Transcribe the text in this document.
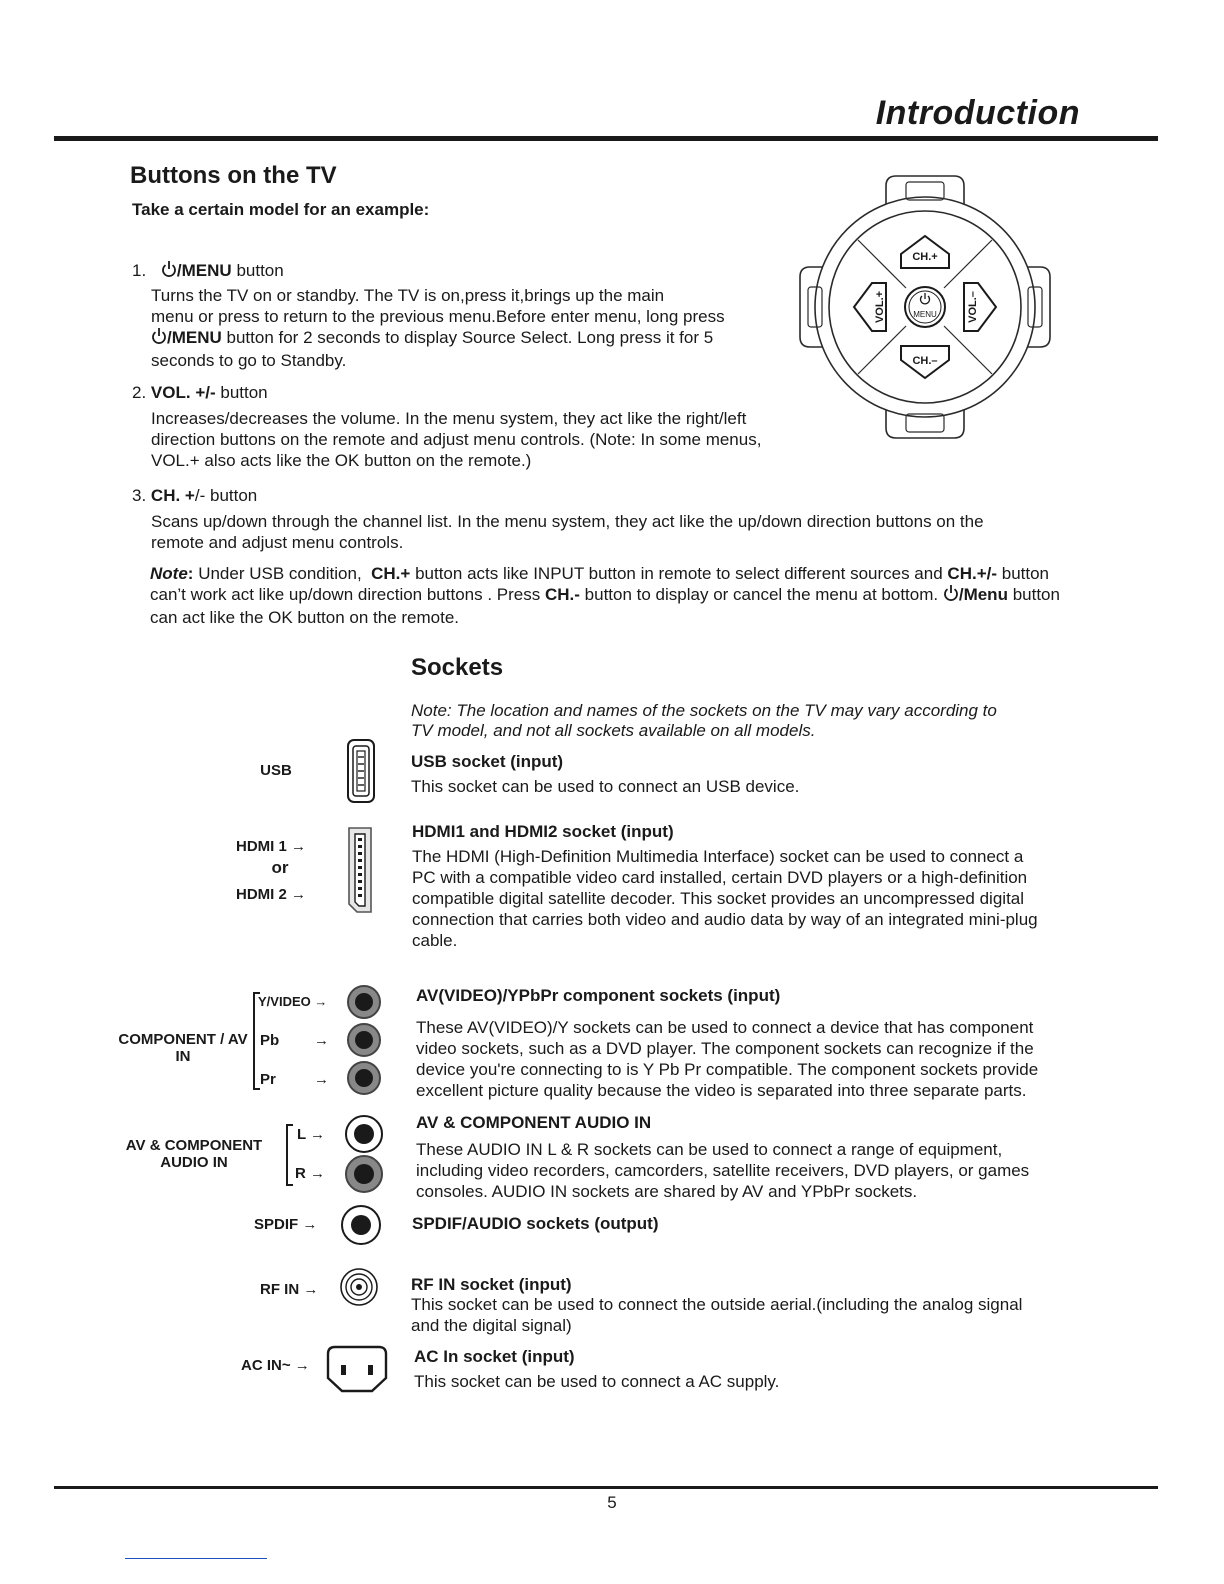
Introduction
Buttons on the TV
Take a certain model for an example:
1. /MENU button
Turns the TV on or standby. The TV is on,press it,brings up the main
menu or press to return to the previous menu.Before enter menu, long press
/MENU button for 2 seconds to display Source Select. Long press it for 5
seconds to go to Standby.
2. VOL. +/- button
Increases/decreases the volume. In the menu system, they act like the right/left
direction buttons on the remote and adjust menu controls. (Note: In some menus,
VOL.+ also acts like the OK button on the remote.)
3. CH. +/- button
Scans up/down through the channel list. In the menu system, they act like the up/down direction buttons on the
remote and adjust menu controls.
Note: Under USB condition, CH.+ button acts like INPUT button in remote to select different sources and CH.+/- button
can’t work act like up/down direction buttons . Press CH.- button to display or cancel the menu at bottom. /Menu button
can act like the OK button on the remote.
CH.+
CH.–
VOL.+	VOL.–
MENU
Sockets
Note: The location and names of the sockets on the TV may vary according to
TV model, and not all sockets available on all models.
USB	USB socket (input)
This socket can be used to connect an USB device.
HDMI 1 →
or
HDMI 2 →
HDMI1 and HDMI2 socket (input)
The HDMI (High-Definition Multimedia Interface) socket can be used to connect a
PC with a compatible video card installed, certain DVD players or a high-definition
compatible digital satellite decoder. This socket provides an uncompressed digital
connection that carries both video and audio data by way of an integrated mini-plug
cable.
COMPONENT / AV
IN
Y/VIDEO →
Pb →
Pr	→
AV(VIDEO)/YPbPr component sockets (input)
These AV(VIDEO)/Y sockets can be used to connect a device that has component
video sockets, such as a DVD player. The component sockets can recognize if the
device you're connecting to is Y Pb Pr compatible. The component sockets provide
excellent picture quality because the video is separated into three separate parts.
AV & COMPONENT
AUDIO IN
L →
R →
AV & COMPONENT AUDIO IN
These AUDIO IN L & R sockets can be used to connect a range of equipment,
including video recorders, camcorders, satellite receivers, DVD players, or games
consoles. AUDIO IN sockets are shared by AV and YPbPr sockets.
SPDIF →	SPDIF/AUDIO sockets (output)
RF IN →	RF IN socket (input)
This socket can be used to connect the outside aerial.(including the analog signal
and the digital signal)
AC IN~ →	AC In socket (input)
This socket can be used to connect a AC supply.
5
